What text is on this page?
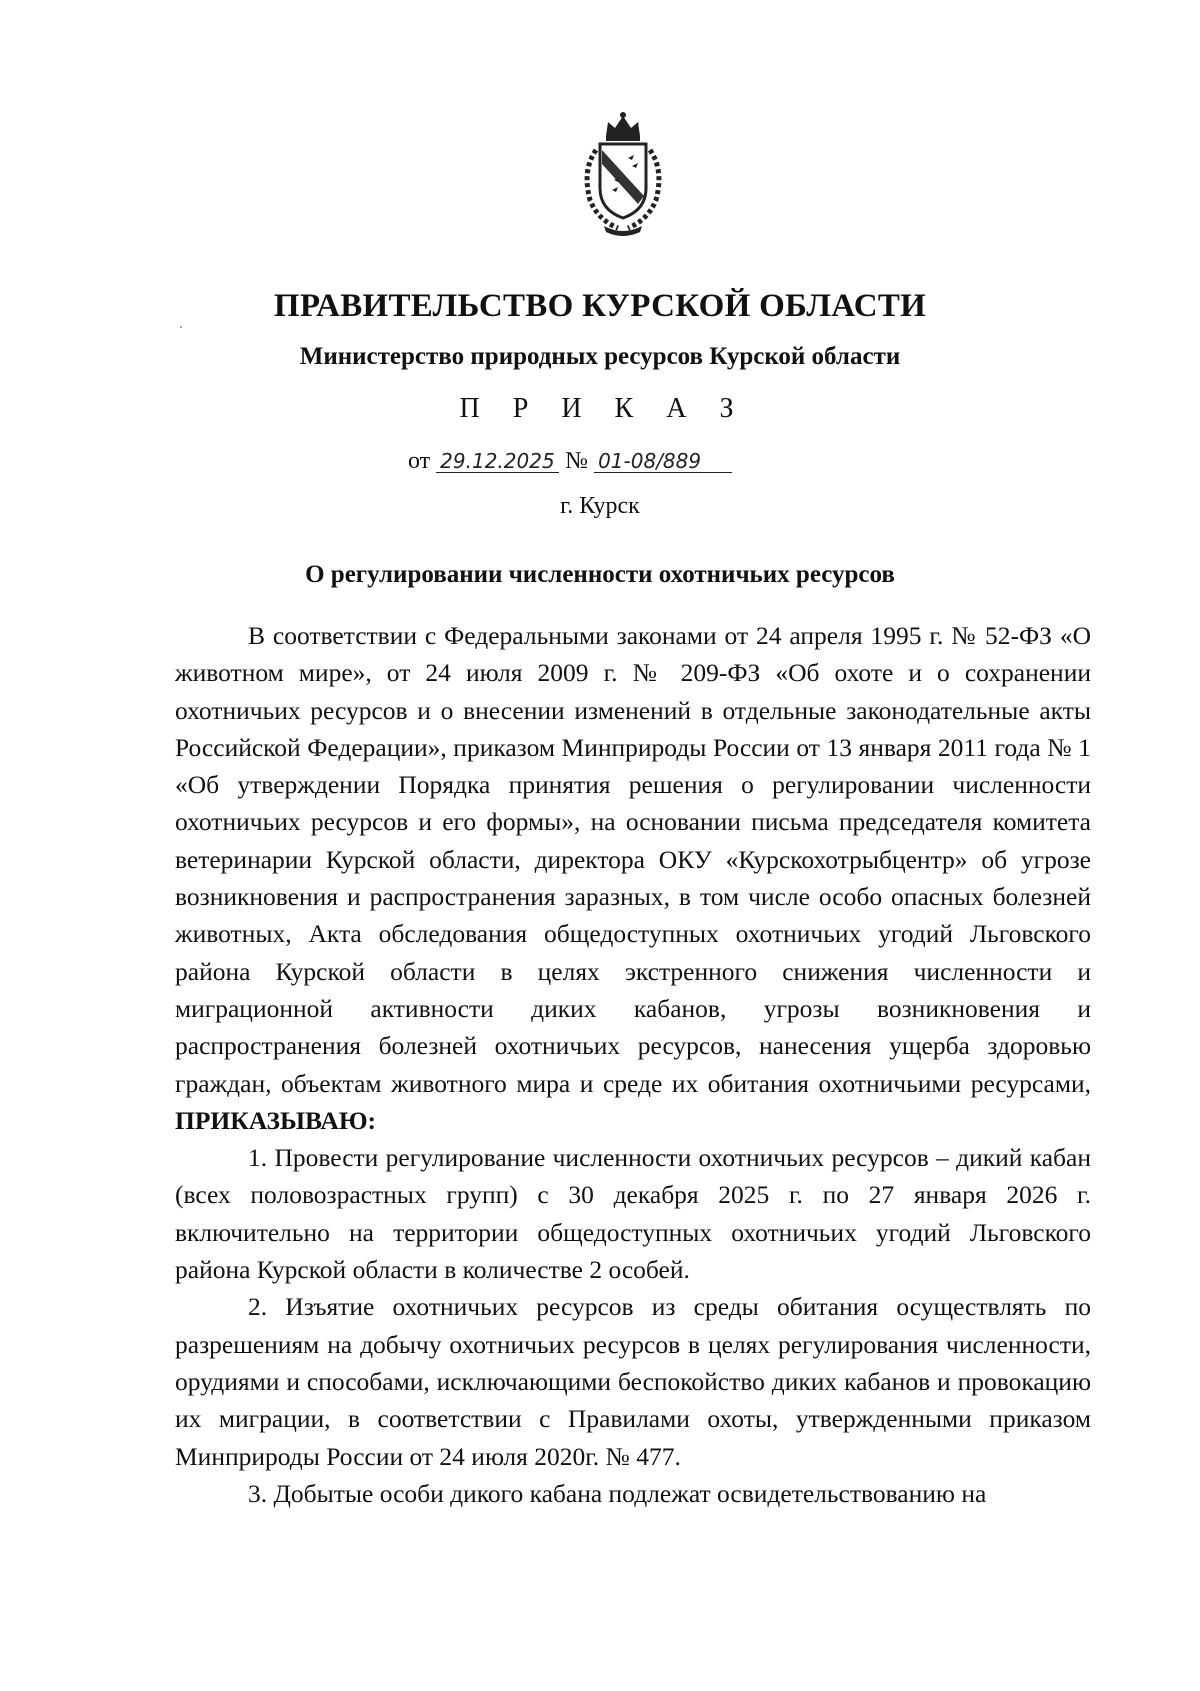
ПРАВИТЕЛЬСТВО КУРСКОЙ ОБЛАСТИ
Министерство природных ресурсов Курской области
П Р И К А З
от 29.12.2025 № 01-08/889
г. Курск
О регулировании численности охотничьих ресурсов

В соответствии с Федеральными законами от 24 апреля 1995 г. № 52-ФЗ «О животном мире», от 24 июля 2009 г. № 209-ФЗ «Об охоте и о сохранении охотничьих ресурсов и о внесении изменений в отдельные законодательные акты Российской Федерации», приказом Минприроды России от 13 января 2011 года № 1 «Об утверждении Порядка принятия решения о регулировании численности охотничьих ресурсов и его формы», на основании письма председателя комитета ветеринарии Курской области, директора ОКУ «Курскохотрыбцентр» об угрозе возникновения и распространения заразных, в том числе особо опасных болезней животных, Акта обследования общедоступных охотничьих угодий Льговского района Курской области в целях экстренного снижения численности и миграционной активности диких кабанов, угрозы возникновения и распространения болезней охотничьих ресурсов, нанесения ущерба здоровью граждан, объектам животного мира и среде их обитания охотничьими ресурсами, ПРИКАЗЫВАЮ:

1. Провести регулирование численности охотничьих ресурсов – дикий кабан (всех половозрастных групп) с 30 декабря 2025 г. по 27 января 2026 г. включительно на территории общедоступных охотничьих угодий Льговского района Курской области в количестве 2 особей.

2. Изъятие охотничьих ресурсов из среды обитания осуществлять по разрешениям на добычу охотничьих ресурсов в целях регулирования численности, орудиями и способами, исключающими беспокойство диких кабанов и провокацию их миграции, в соответствии с Правилами охоты, утвержденными приказом Минприроды России от 24 июля 2020г. № 477.

3. Добытые особи дикого кабана подлежат освидетельствованию на
